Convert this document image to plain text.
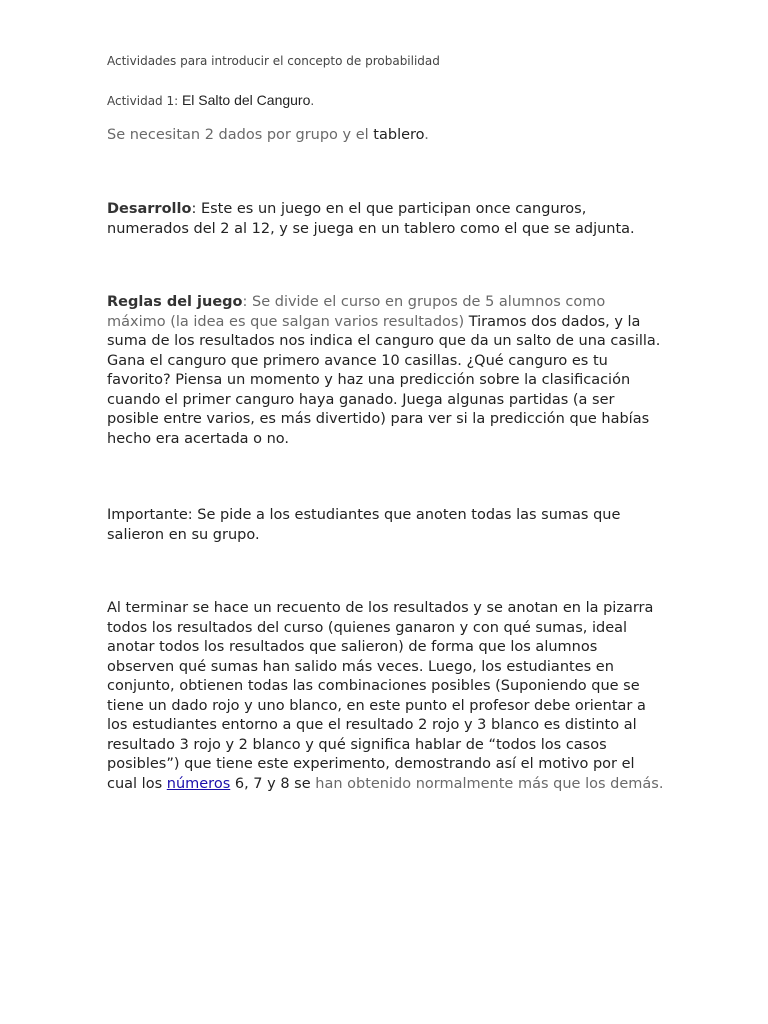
Actividades para introducir el concepto de probabilidad

Actividad 1: El Salto del Canguro.

Se necesitan 2 dados por grupo y el tablero.

Desarrollo: Este es un juego en el que participan once canguros, numerados del 2 al 12, y se juega en un tablero como el que se adjunta.

Reglas del juego: Se divide el curso en grupos de 5 alumnos como máximo (la idea es que salgan varios resultados) Tiramos dos dados, y la suma de los resultados nos indica el canguro que da un salto de una casilla. Gana el canguro que primero avance 10 casillas. ¿Qué canguro es tu favorito? Piensa un momento y haz una predicción sobre la clasificación cuando el primer canguro haya ganado. Juega algunas partidas (a ser posible entre varios, es más divertido) para ver si la predicción que habías hecho era acertada o no.

Importante: Se pide a los estudiantes que anoten todas las sumas que salieron en su grupo.

Al terminar se hace un recuento de los resultados y se anotan en la pizarra todos los resultados del curso (quienes ganaron y con qué sumas, ideal anotar todos los resultados que salieron) de forma que los alumnos observen qué sumas han salido más veces. Luego, los estudiantes en conjunto, obtienen todas las combinaciones posibles (Suponiendo que se tiene un dado rojo y uno blanco, en este punto el profesor debe orientar a los estudiantes entorno a que el resultado 2 rojo y 3 blanco es distinto al resultado 3 rojo y 2 blanco y qué significa hablar de “todos los casos posibles”) que tiene este experimento, demostrando así el motivo por el cual los números 6, 7 y 8 se han obtenido normalmente más que los demás.
